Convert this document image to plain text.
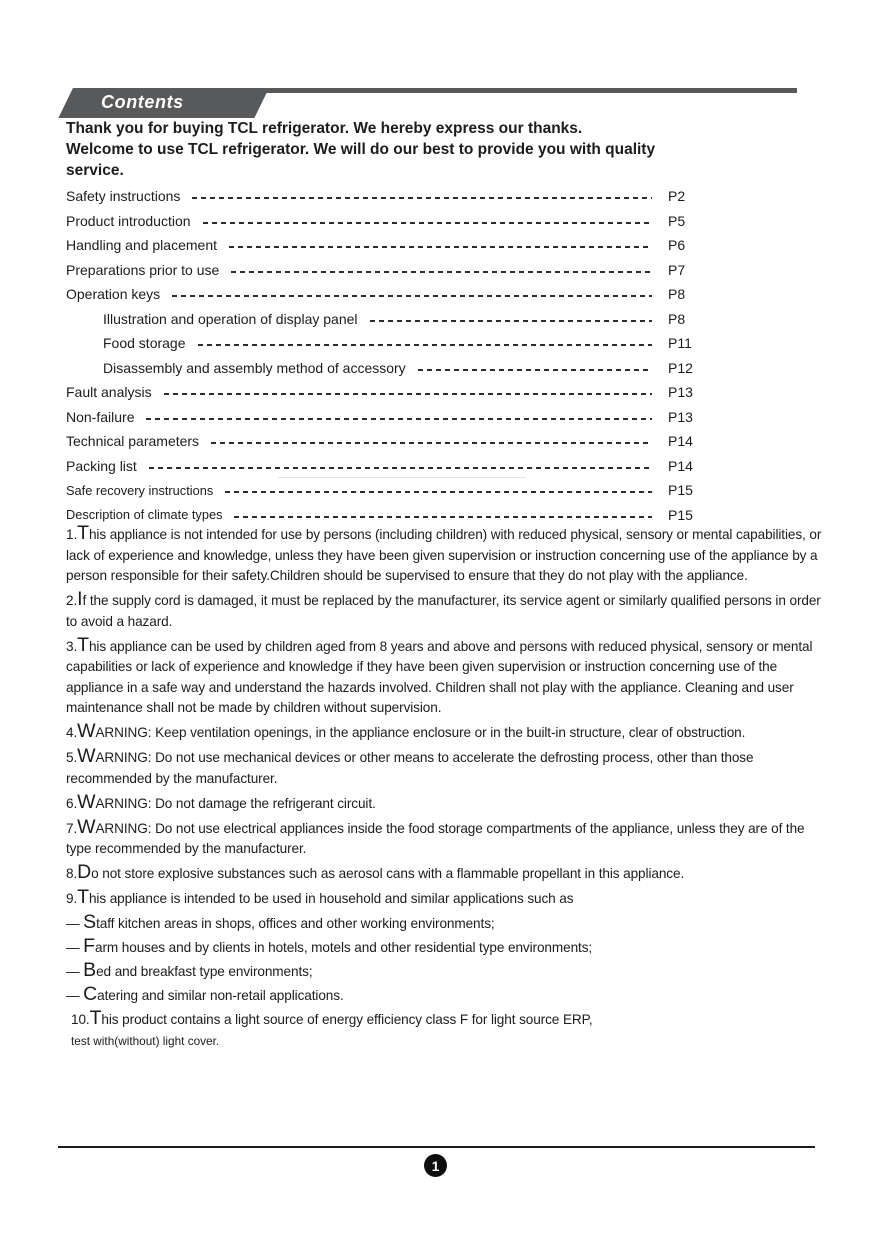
Contents
Thank you for buying TCL refrigerator. We hereby express our thanks.
Welcome to use TCL refrigerator. We will do our best to provide you with quality
service.
Safety instructions	P2
Product introduction	P5
Handling and placement	P6
Preparations prior to use	P7
Operation keys	P8
Illustration and operation of display panel	P8
Food storage	P11
Disassembly and assembly method of accessory	P12
Fault analysis	P13
Non-failure	P13
Technical parameters	P14
Packing list	P14
Safe recovery instructions	P15
Description of climate types	P15

1.This appliance is not intended for use by persons (including children) with reduced physical, sensory or mental capabilities, or lack of experience and knowledge, unless they have been given supervision or instruction concerning use of the appliance by a person responsible for their safety.Children should be supervised to ensure that they do not play with the appliance.

2.If the supply cord is damaged, it must be replaced by the manufacturer, its service agent or similarly qualified persons in order to avoid a hazard.

3.This appliance can be used by children aged from 8 years and above and persons with reduced physical, sensory or mental capabilities or lack of experience and knowledge if they have been given supervision or instruction concerning use of the appliance in a safe way and understand the hazards involved. Children shall not play with the appliance. Cleaning and user maintenance shall not be made by children without supervision.

4.WARNING: Keep ventilation openings, in the appliance enclosure or in the built-in structure, clear of obstruction.

5.WARNING: Do not use mechanical devices or other means to accelerate the defrosting process, other than those recommended by the manufacturer.

6.WARNING: Do not damage the refrigerant circuit.

7.WARNING: Do not use electrical appliances inside the food storage compartments of the appliance, unless they are of the type recommended by the manufacturer.

8.Do not store explosive substances such as aerosol cans with a flammable propellant in this appliance.

9.This appliance is intended to be used in household and similar applications such as

— Staff kitchen areas in shops, offices and other working environments;

— Farm houses and by clients in hotels, motels and other residential type environments;

— Bed and breakfast type environments;

— Catering and similar non-retail applications.

10.This product contains a light source of energy efficiency class F for light source ERP,
test with(without) light cover.

1
